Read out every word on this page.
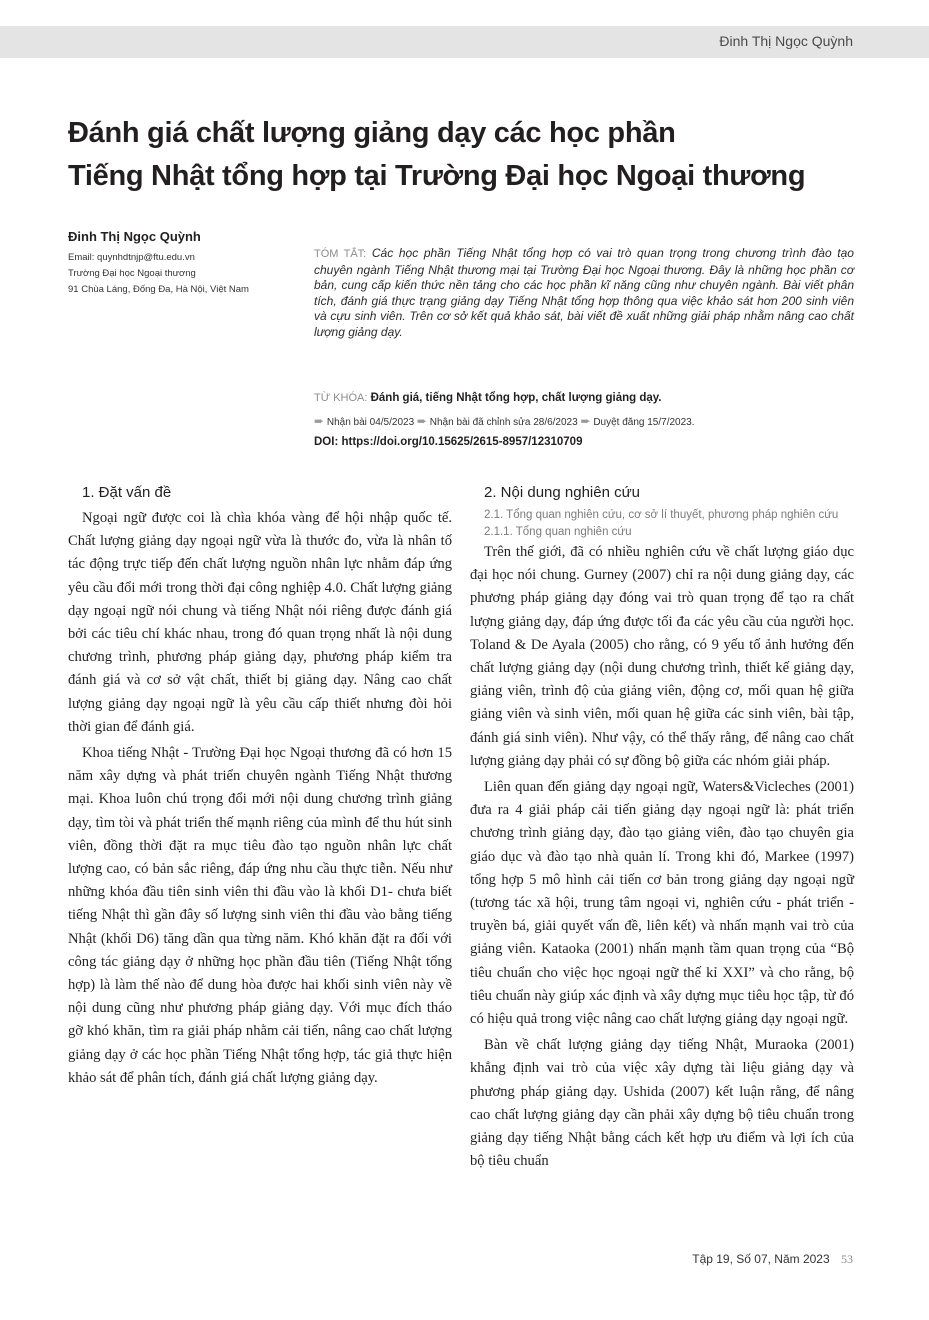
Đinh Thị Ngọc Quỳnh
Đánh giá chất lượng giảng dạy các học phần
Tiếng Nhật tổng hợp tại Trường Đại học Ngoại thương
Đinh Thị Ngọc Quỳnh
Email: quynhdtnjp@ftu.edu.vn
Trường Đại học Ngoại thương
91 Chùa Láng, Đống Đa, Hà Nội, Việt Nam
TÓM TẮT: Các học phần Tiếng Nhật tổng hợp có vai trò quan trọng trong chương trình đào tạo chuyên ngành Tiếng Nhật thương mại tại Trường Đại học Ngoại thương. Đây là những học phần cơ bản, cung cấp kiến thức nền tảng cho các học phần kĩ năng cũng như chuyên ngành. Bài viết phân tích, đánh giá thực trạng giảng dạy Tiếng Nhật tổng hợp thông qua việc khảo sát hơn 200 sinh viên và cựu sinh viên. Trên cơ sở kết quả khảo sát, bài viết đề xuất những giải pháp nhằm nâng cao chất lượng giảng dạy.
TỪ KHÓA: Đánh giá, tiếng Nhật tổng hợp, chất lượng giảng dạy.
➨ Nhận bài 04/5/2023 ➨ Nhận bài đã chỉnh sửa 28/6/2023 ➨ Duyệt đăng 15/7/2023.
DOI: https://doi.org/10.15625/2615-8957/12310709
1. Đặt vấn đề

Ngoại ngữ được coi là chìa khóa vàng để hội nhập quốc tế. Chất lượng giảng dạy ngoại ngữ vừa là thước đo, vừa là nhân tố tác động trực tiếp đến chất lượng nguồn nhân lực nhằm đáp ứng yêu cầu đổi mới trong thời đại công nghiệp 4.0. Chất lượng giảng dạy ngoại ngữ nói chung và tiếng Nhật nói riêng được đánh giá bởi các tiêu chí khác nhau, trong đó quan trọng nhất là nội dung chương trình, phương pháp giảng dạy, phương pháp kiểm tra đánh giá và cơ sở vật chất, thiết bị giảng dạy. Nâng cao chất lượng giảng dạy ngoại ngữ là yêu cầu cấp thiết nhưng đòi hỏi thời gian để đánh giá.

Khoa tiếng Nhật - Trường Đại học Ngoại thương đã có hơn 15 năm xây dựng và phát triển chuyên ngành Tiếng Nhật thương mại. Khoa luôn chú trọng đổi mới nội dung chương trình giảng dạy, tìm tòi và phát triển thế mạnh riêng của mình để thu hút sinh viên, đồng thời đặt ra mục tiêu đào tạo nguồn nhân lực chất lượng cao, có bản sắc riêng, đáp ứng nhu cầu thực tiễn. Nếu như những khóa đầu tiên sinh viên thi đầu vào là khối D1- chưa biết tiếng Nhật thì gần đây số lượng sinh viên thi đầu vào bằng tiếng Nhật (khối D6) tăng dần qua từng năm. Khó khăn đặt ra đối với công tác giảng dạy ở những học phần đầu tiên (Tiếng Nhật tổng hợp) là làm thế nào để dung hòa được hai khối sinh viên này về nội dung cũng như phương pháp giảng dạy. Với mục đích tháo gỡ khó khăn, tìm ra giải pháp nhằm cải tiến, nâng cao chất lượng giảng dạy ở các học phần Tiếng Nhật tổng hợp, tác giả thực hiện khảo sát để phân tích, đánh giá chất lượng giảng dạy.

2. Nội dung nghiên cứu
2.1. Tổng quan nghiên cứu, cơ sở lí thuyết, phương pháp nghiên cứu
2.1.1. Tổng quan nghiên cứu

Trên thế giới, đã có nhiều nghiên cứu về chất lượng giáo dục đại học nói chung. Gurney (2007) chỉ ra nội dung giảng dạy, các phương pháp giảng dạy đóng vai trò quan trọng để tạo ra chất lượng giảng dạy, đáp ứng được tối đa các yêu cầu của người học. Toland & De Ayala (2005) cho rằng, có 9 yếu tố ảnh hưởng đến chất lượng giảng dạy (nội dung chương trình, thiết kế giảng dạy, giảng viên, trình độ của giảng viên, động cơ, mối quan hệ giữa giảng viên và sinh viên, mối quan hệ giữa các sinh viên, bài tập, đánh giá sinh viên). Như vậy, có thể thấy rằng, để nâng cao chất lượng giảng dạy phải có sự đồng bộ giữa các nhóm giải pháp.

Liên quan đến giảng dạy ngoại ngữ, Waters&Vicleches (2001) đưa ra 4 giải pháp cải tiến giảng dạy ngoại ngữ là: phát triển chương trình giảng dạy, đào tạo giảng viên, đào tạo chuyên gia giáo dục và đào tạo nhà quản lí. Trong khi đó, Markee (1997) tổng hợp 5 mô hình cải tiến cơ bản trong giảng dạy ngoại ngữ (tương tác xã hội, trung tâm ngoại vi, nghiên cứu - phát triển - truyền bá, giải quyết vấn đề, liên kết) và nhấn mạnh vai trò của giảng viên. Kataoka (2001) nhấn mạnh tầm quan trọng của “Bộ tiêu chuẩn cho việc học ngoại ngữ thế kỉ XXI” và cho rằng, bộ tiêu chuẩn này giúp xác định và xây dựng mục tiêu học tập, từ đó có hiệu quả trong việc nâng cao chất lượng giảng dạy ngoại ngữ.

Bàn về chất lượng giảng dạy tiếng Nhật, Muraoka (2001) khẳng định vai trò của việc xây dựng tài liệu giảng dạy và phương pháp giảng dạy. Ushida (2007) kết luận rằng, để nâng cao chất lượng giảng dạy cần phải xây dựng bộ tiêu chuẩn trong giảng dạy tiếng Nhật bằng cách kết hợp ưu điểm và lợi ích của bộ tiêu chuẩn

Tập 19, Số 07, Năm 2023 53
